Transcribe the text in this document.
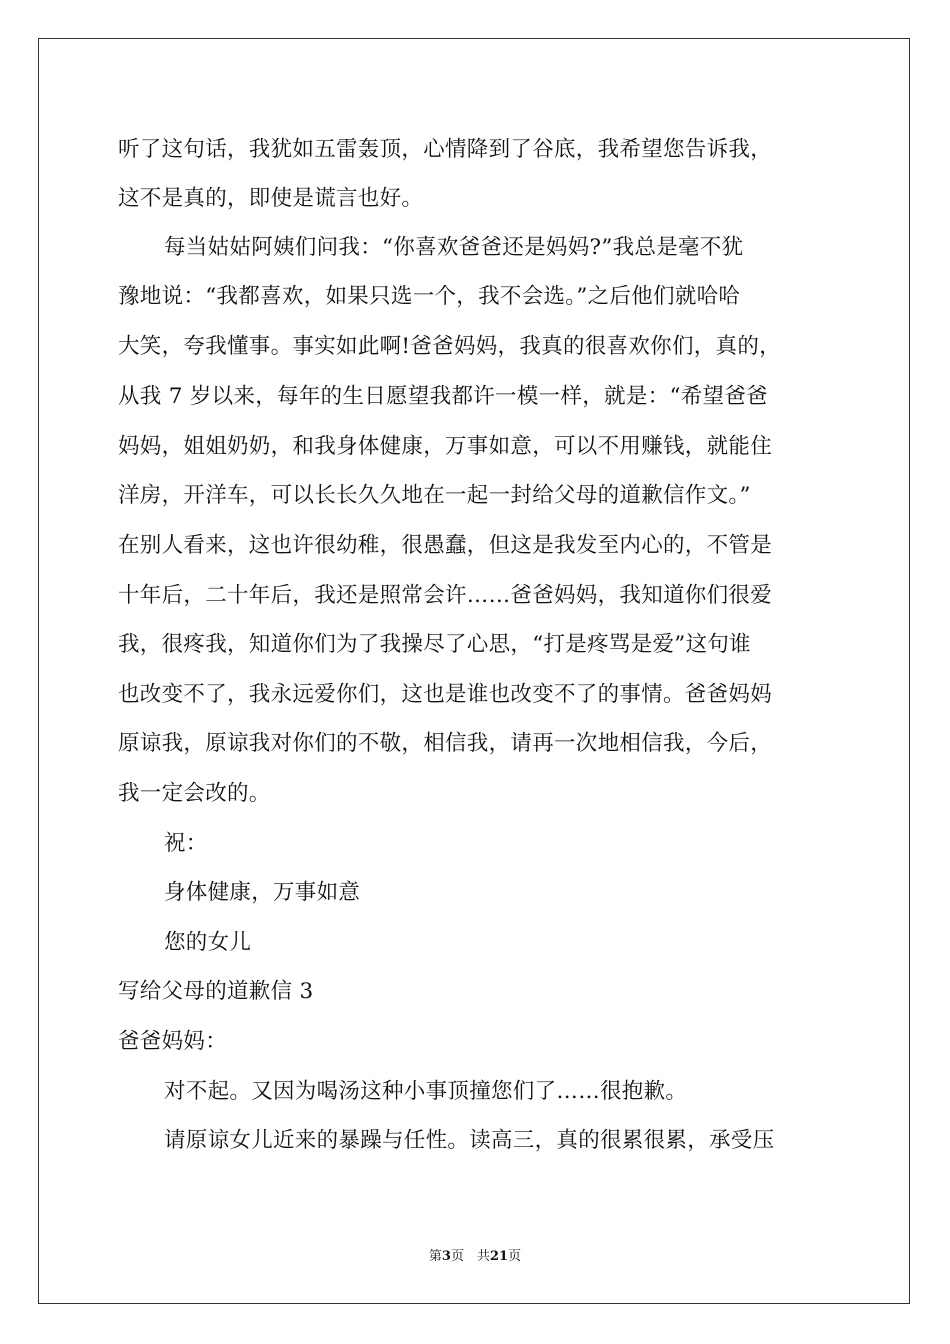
听了这句话，我犹如五雷轰顶，心情降到了谷底，我希望您告诉我，
这不是真的，即使是谎言也好。
每当姑姑阿姨们问我：“你喜欢爸爸还是妈妈?”我总是毫不犹
豫地说：“我都喜欢，如果只选一个，我不会选。”之后他们就哈哈
大笑，夸我懂事。事实如此啊!爸爸妈妈，我真的很喜欢你们，真的，
从我 7 岁以来，每年的生日愿望我都许一模一样，就是：“希望爸爸
妈妈，姐姐奶奶，和我身体健康，万事如意，可以不用赚钱，就能住
洋房，开洋车，可以长长久久地在一起一封给父母的道歉信作文。”
在别人看来，这也许很幼稚，很愚蠢，但这是我发至内心的，不管是
十年后，二十年后，我还是照常会许……爸爸妈妈，我知道你们很爱
我，很疼我，知道你们为了我操尽了心思，“打是疼骂是爱”这句谁
也改变不了，我永远爱你们，这也是谁也改变不了的事情。爸爸妈妈
原谅我，原谅我对你们的不敬，相信我，请再一次地相信我，今后，
我一定会改的。
祝：
身体健康，万事如意
您的女儿
写给父母的道歉信 3
爸爸妈妈：
对不起。又因为喝汤这种小事顶撞您们了……很抱歉。
请原谅女儿近来的暴躁与任性。读高三，真的很累很累，承受压
第3页　共21页
